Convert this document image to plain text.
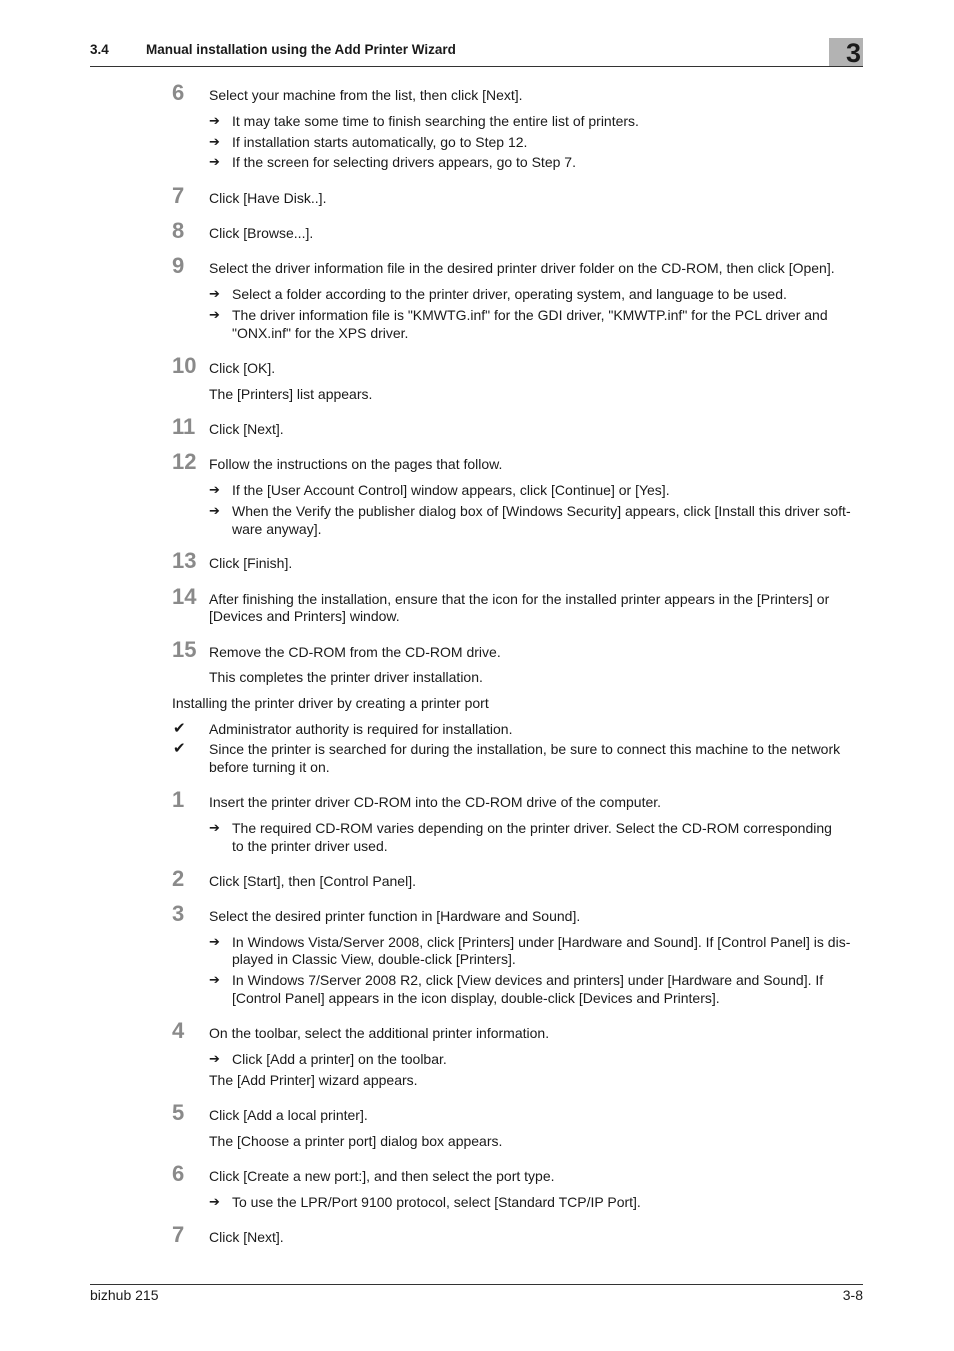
3.4	Manual installation using the Add Printer Wizard	3
6	Select your machine from the list, then click [Next].
➔ It may take some time to finish searching the entire list of printers.
➔ If installation starts automatically, go to Step 12.
➔ If the screen for selecting drivers appears, go to Step 7.
7	Click [Have Disk..].
8	Click [Browse...].
9	Select the driver information file in the desired printer driver folder on the CD-ROM, then click [Open].
➔ Select a folder according to the printer driver, operating system, and language to be used.
➔ The driver information file is "KMWTG.inf" for the GDI driver, "KMWTP.inf" for the PCL driver and
"ONX.inf" for the XPS driver.
10 Click [OK].
The [Printers] list appears.
11 Click [Next].
12 Follow the instructions on the pages that follow.
➔ If the [User Account Control] window appears, click [Continue] or [Yes].
➔ When the Verify the publisher dialog box of [Windows Security] appears, click [Install this driver soft-
ware anyway].
13 Click [Finish].
14 After finishing the installation, ensure that the icon for the installed printer appears in the [Printers] or
[Devices and Printers] window.
15 Remove the CD-ROM from the CD-ROM drive.
This completes the printer driver installation.
Installing the printer driver by creating a printer port
✔ Administrator authority is required for installation.
✔ Since the printer is searched for during the installation, be sure to connect this machine to the network
before turning it on.
1	Insert the printer driver CD-ROM into the CD-ROM drive of the computer.
➔ The required CD-ROM varies depending on the printer driver. Select the CD-ROM corresponding
to the printer driver used.
2	Click [Start], then [Control Panel].
3	Select the desired printer function in [Hardware and Sound].
➔ In Windows Vista/Server 2008, click [Printers] under [Hardware and Sound]. If [Control Panel] is dis-
played in Classic View, double-click [Printers].
➔ In Windows 7/Server 2008 R2, click [View devices and printers] under [Hardware and Sound]. If
[Control Panel] appears in the icon display, double-click [Devices and Printers].
4	On the toolbar, select the additional printer information.
➔ Click [Add a printer] on the toolbar.
The [Add Printer] wizard appears.
5	Click [Add a local printer].
The [Choose a printer port] dialog box appears.
6	Click [Create a new port:], and then select the port type.
➔ To use the LPR/Port 9100 protocol, select [Standard TCP/IP Port].
7	Click [Next].
bizhub 215	3-8
